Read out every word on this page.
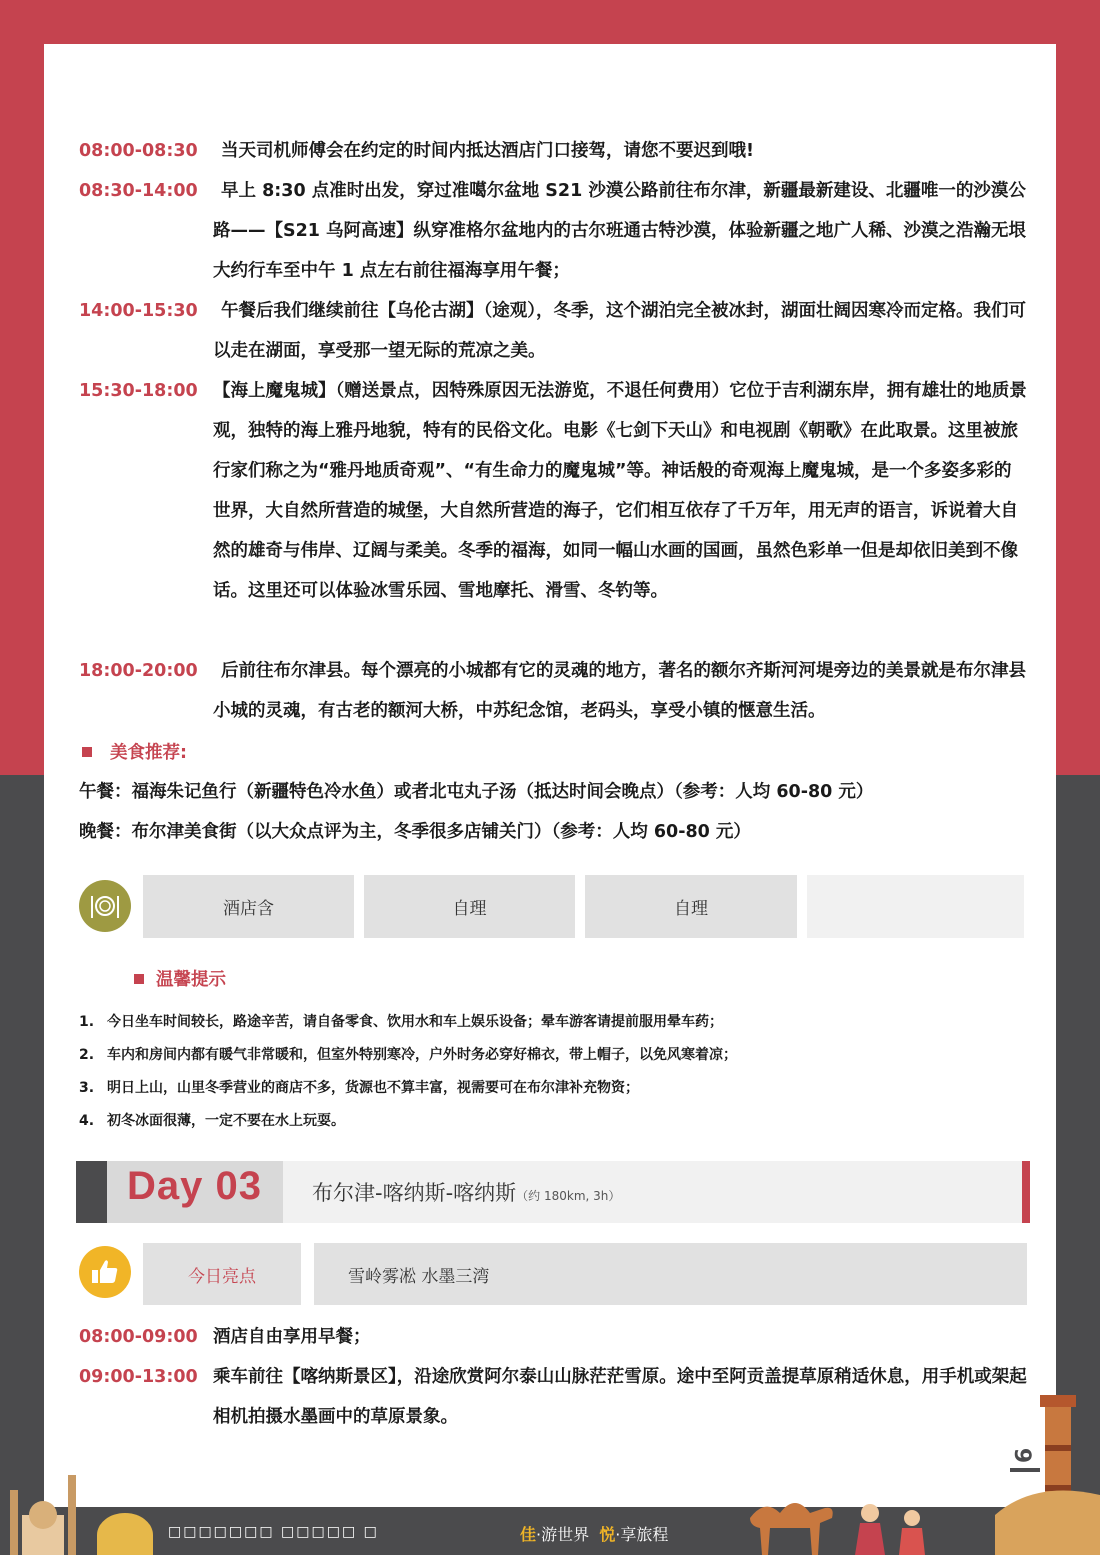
08:00-08:30	当天司机师傅会在约定的时间内抵达酒店门口接驾，请您不要迟到哦!
08:30-14:00	早上 8:30 点准时出发，穿过准噶尔盆地 S21 沙漠公路前往布尔津，新疆最新建设、北疆唯一的沙漠公路——【S21 乌阿高速】纵穿准格尔盆地内的古尔班通古特沙漠，体验新疆之地广人稀、沙漠之浩瀚无垠大约行车至中午 1 点左右前往福海享用午餐；
14:00-15:30	午餐后我们继续前往【乌伦古湖】（途观），冬季，这个湖泊完全被冰封，湖面壮阔因寒冷而定格。我们可以走在湖面，享受那一望无际的荒凉之美。
15:30-18:00 【海上魔鬼城】（赠送景点，因特殊原因无法游览，不退任何费用）它位于吉利湖东岸，拥有雄壮的地质景观，独特的海上雅丹地貌，特有的民俗文化。电影《七剑下天山》和电视剧《朝歌》在此取景。这里被旅行家们称之为“雅丹地质奇观”、“有生命力的魔鬼城”等。神话般的奇观海上魔鬼城，是一个多姿多彩的世界，大自然所营造的城堡，大自然所营造的海子，它们相互依存了千万年，用无声的语言，诉说着大自然的雄奇与伟岸、辽阔与柔美。冬季的福海，如同一幅山水画的国画，虽然色彩单一但是却依旧美到不像话。这里还可以体验冰雪乐园、雪地摩托、滑雪、冬钓等。
18:00-20:00	后前往布尔津县。每个漂亮的小城都有它的灵魂的地方，著名的额尔齐斯河河堤旁边的美景就是布尔津县小城的灵魂，有古老的额河大桥，中苏纪念馆，老码头，享受小镇的惬意生活。
美食推荐:
午餐：福海朱记鱼行（新疆特色冷水鱼）或者北屯丸子汤（抵达时间会晚点）（参考：人均 60-80 元）
晚餐：布尔津美食街（以大众点评为主，冬季很多店铺关门）（参考：人均 60-80 元）
酒店含	自理	自理
温馨提示
1. 今日坐车时间较长，路途辛苦，请自备零食、饮用水和车上娱乐设备；晕车游客请提前服用晕车药；
2. 车内和房间内都有暖气非常暖和，但室外特别寒冷，户外时务必穿好棉衣，带上帽子，以免风寒着凉；
3. 明日上山，山里冬季营业的商店不多，货源也不算丰富，视需要可在布尔津补充物资；
4. 初冬冰面很薄，一定不要在水上玩耍。
Day 03 布尔津-喀纳斯-喀纳斯（约 180km, 3h）
今日亮点	雪岭雾凇 水墨三湾
08:00-09:00 酒店自由享用早餐；
09:00-13:00 乘车前往【喀纳斯景区】，沿途欣赏阿尔泰山山脉茫茫雪原。途中至阿贡盖提草原稍适休息，用手机或架起相机拍摄水墨画中的草原景象。
9
□□□□□□□ □□□□□ □	佳·游世界 悦·享旅程
